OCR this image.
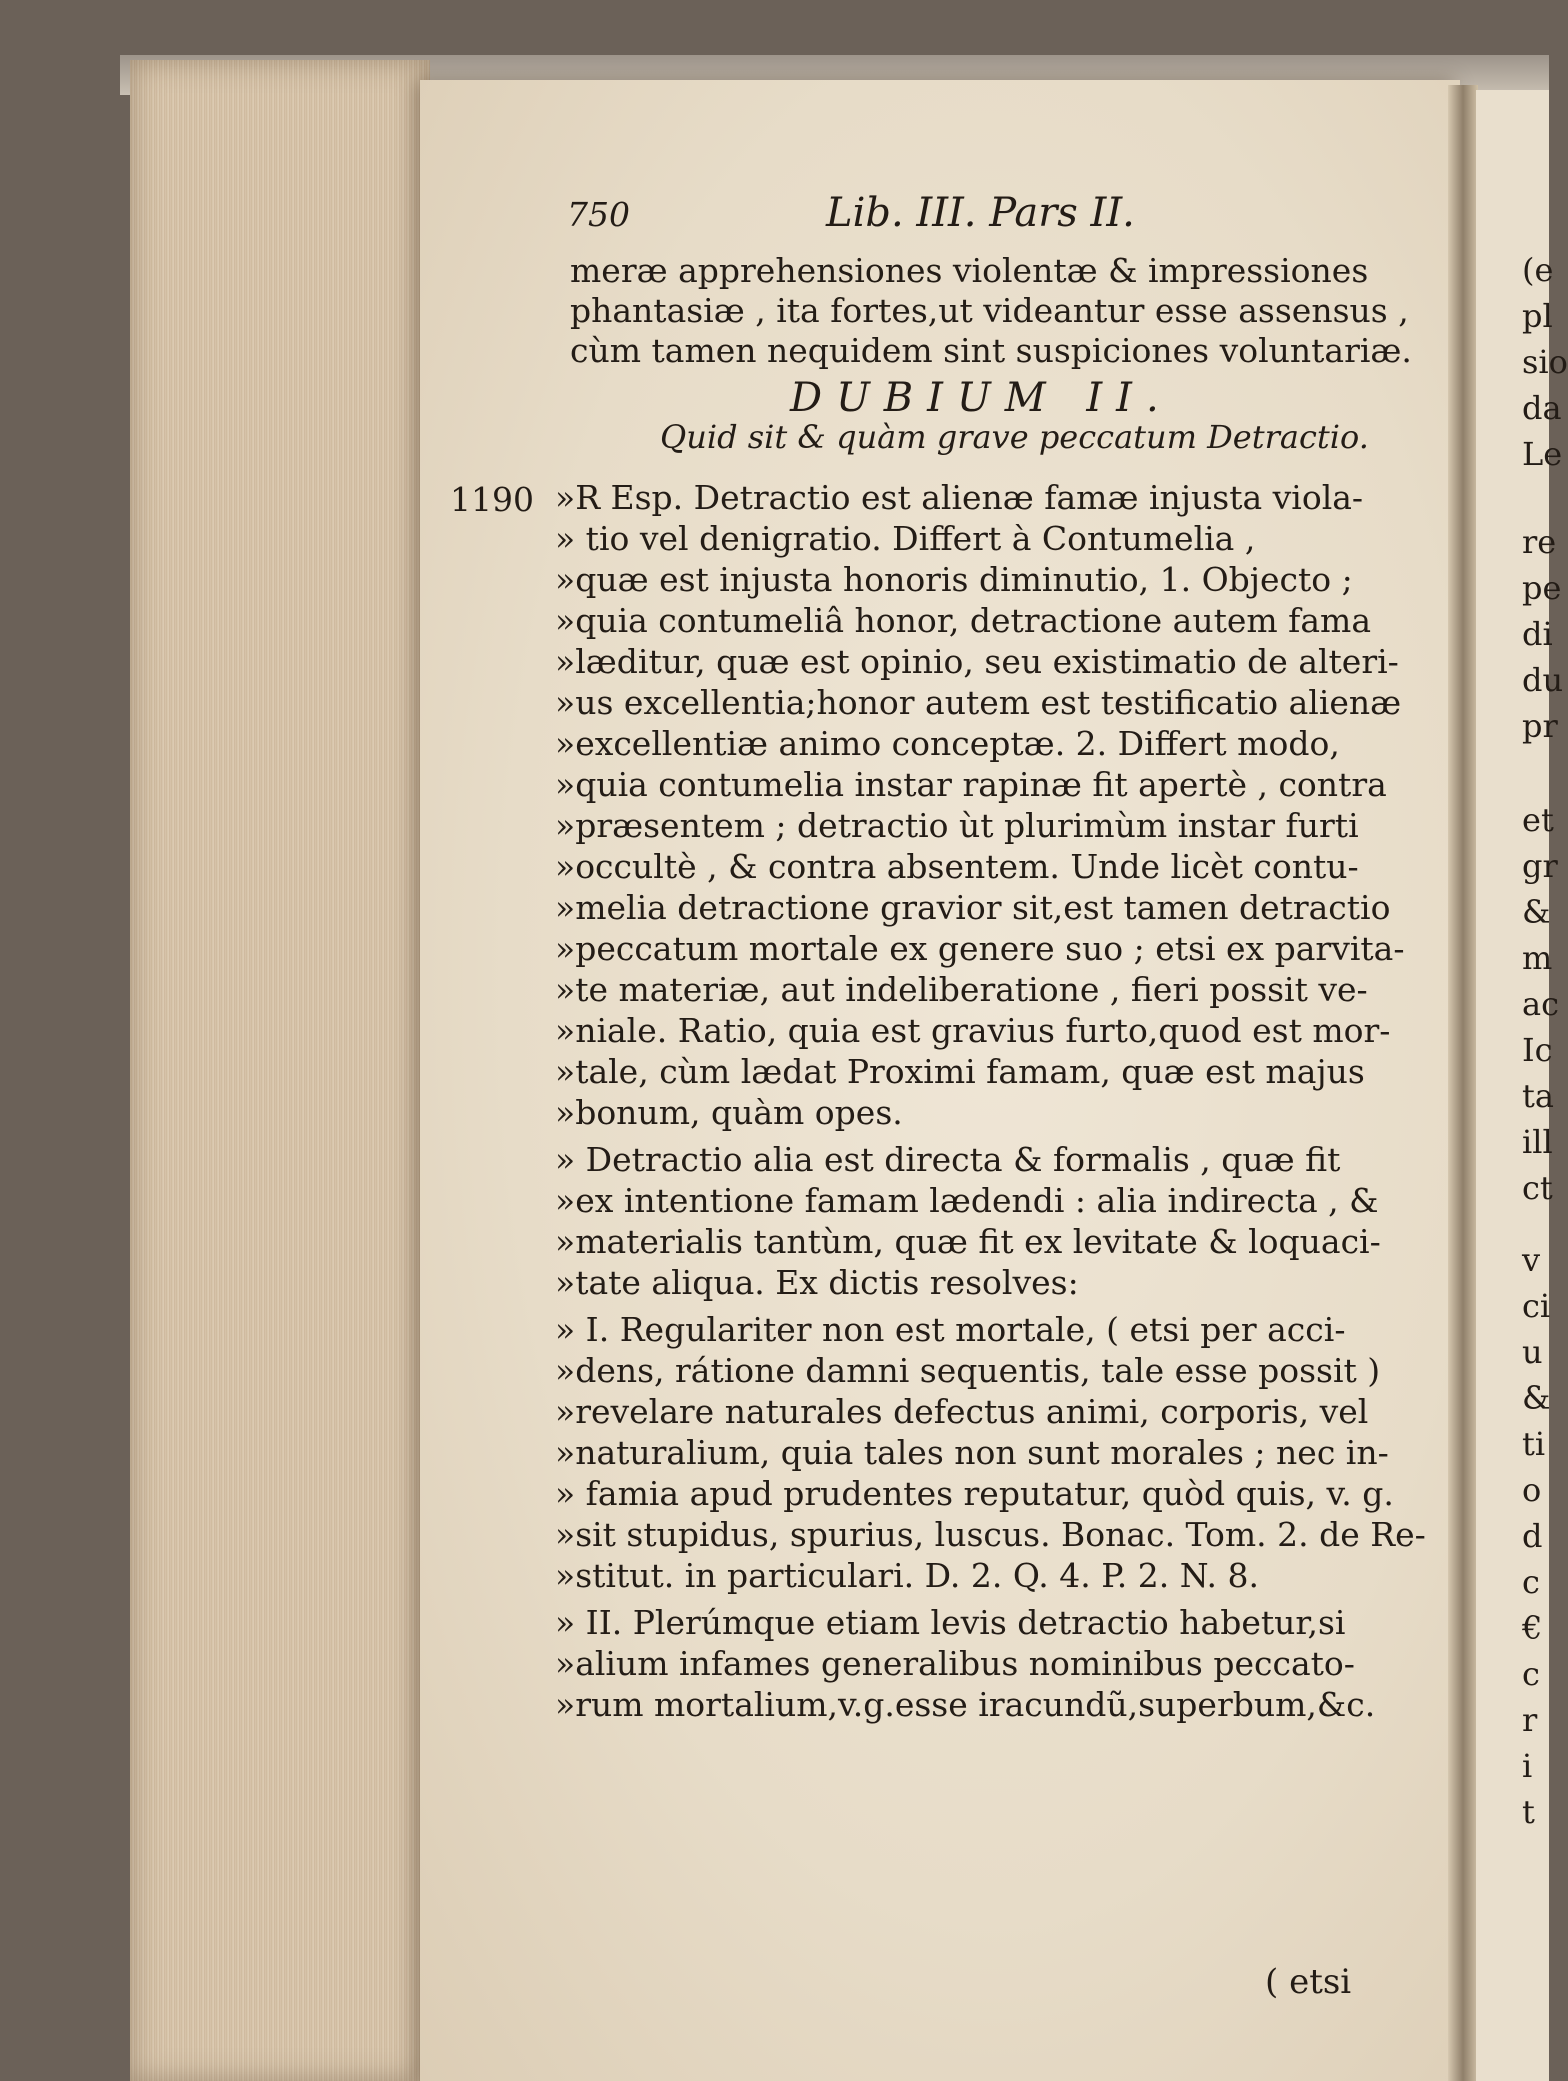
750	Lib. III. Pars II.
meræ apprehensiones violentæ & impressiones
phantasiæ , ita fortes,ut videantur esse assensus ,
cùm tamen nequidem sint suspiciones voluntariæ.
DUBIUM II.
Quid sit & quàm grave peccatum Detractio.
1190 »R Esp. Detractio est alienæ famæ injusta viola-
» tio vel denigratio. Differt à Contumelia ,
»quæ est injusta honoris diminutio, 1. Objecto ;
»quia contumeliâ honor, detractione autem fama
»læditur, quæ est opinio, seu existimatio de alteri-
»us excellentia;honor autem est testificatio alienæ
»excellentiæ animo conceptæ. 2. Differt modo,
»quia contumelia instar rapinæ fit apertè , contra
»præsentem ; detractio ùt plurimùm instar furti
»occultè , & contra absentem. Unde licèt contu-
»melia detractione gravior sit,est tamen detractio
»peccatum mortale ex genere suo ; etsi ex parvita-
»te materiæ, aut indeliberatione , fieri possit ve-
»niale. Ratio, quia est gravius furto,quod est mor-
»tale, cùm lædat Proximi famam, quæ est majus
»bonum, quàm opes.
» Detractio alia est directa & formalis , quæ fit
»ex intentione famam lædendi : alia indirecta , &
»materialis tantùm, quæ fit ex levitate & loquaci-
»tate aliqua. Ex dictis resolves:
» I. Regulariter non est mortale, ( etsi per acci-
»dens, rátione damni sequentis, tale esse possit )
»revelare naturales defectus animi, corporis, vel
»naturalium, quia tales non sunt morales ; nec in-
» famia apud prudentes reputatur, quòd quis, v. g.
»sit stupidus, spurius, luscus. Bonac. Tom. 2. de Re-
»stitut. in particulari. D. 2. Q. 4. P. 2. N. 8.
» II. Plerúmque etiam levis detractio habetur,si
»alium infames generalibus nominibus peccato-
»rum mortalium,v.g.esse iracundũ,superbum,&c.
( etsi
(e
pl
sio
da
Le
re
pe
di
du
pr
et
gr
&
m
ac
Ic
ta
ill
ct
v
ci
u
&
ti
o
d
c
€
c
r
i
t
